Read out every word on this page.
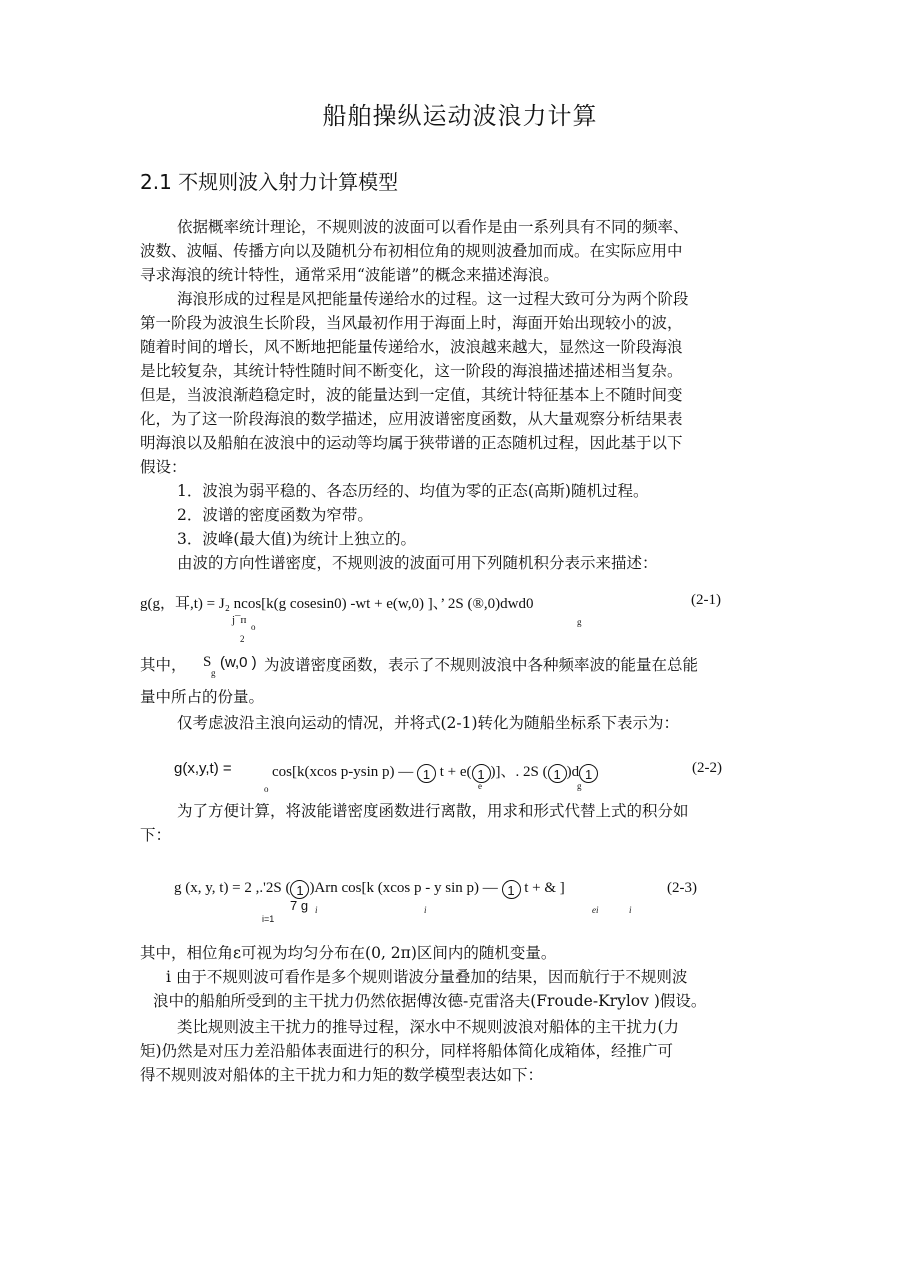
船舶操纵运动波浪力计算
2.1 不规则波入射力计算模型
依据概率统计理论，不规则波的波面可以看作是由一系列具有不同的频率、
波数、波幅、传播方向以及随机分布初相位角的规则波叠加而成。在实际应用中
寻求海浪的统计特性，通常采用“波能谱”的概念来描述海浪。
海浪形成的过程是风把能量传递给水的过程。这一过程大致可分为两个阶段
第一阶段为波浪生长阶段，当风最初作用于海面上时，海面开始出现较小的波，
随着时间的增长，风不断地把能量传递给水，波浪越来越大，显然这一阶段海浪
是比较复杂，其统计特性随时间不断变化，这一阶段的海浪描述描述相当复杂。
但是，当波浪渐趋稳定时，波的能量达到一定值，其统计特征基本上不随时间变
化，为了这一阶段海浪的数学描述，应用波谱密度函数，从大量观察分析结果表
明海浪以及船舶在波浪中的运动等均属于狭带谱的正态随机过程，因此基于以下
假设：
1．波浪为弱平稳的、各态历经的、均值为零的正态(高斯)随机过程。
2．波谱的密度函数为窄带。
3．波峰(最大值)为统计上独立的。
由波的方向性谱密度，不规则波的波面可用下列随机积分表示来描述：
g(g，耳,t) = J₂ ncos[k(g cosesin0) -wt + e(w,0) ]、’ 2S (®,0)dwd0
j¯ᴨ
o
2
g
(2-1)
其中，	S
g
(w,0 ) 为波谱密度函数，表示了不规则波浪中各种频率波的能量在总能
量中所占的份量。
仅考虑波沿主浪向运动的情况，并将式(2-1)转化为随船坐标系下表示为：
g(x,y,t) =	cos[k(xcos p-ysin p) — 1 t + e( 1 )]、. 2S ( 1 )d 1	(2-2)
o	e	g
为了方便计算，将波能谱密度函数进行离散，用求和形式代替上式的积分如
下：
g (x, y, t) = 2 ,.'2S ( 1 )Arn cos[k (xcos p - y sin p) — 1 t + & ]	(2-3)
7 g i	i	ei	i
i=1
其中，相位角ε可视为均匀分布在(0, 2π)区间内的随机变量。
i 由于不规则波可看作是多个规则谐波分量叠加的结果，因而航行于不规则波
浪中的船舶所受到的主干扰力仍然依据傅汝德-克雷洛夫(Froude-Krylov )假设。
类比规则波主干扰力的推导过程，深水中不规则波浪对船体的主干扰力(力
矩)仍然是对压力差沿船体表面进行的积分，同样将船体简化成箱体，经推广可
得不规则波对船体的主干扰力和力矩的数学模型表达如下：
